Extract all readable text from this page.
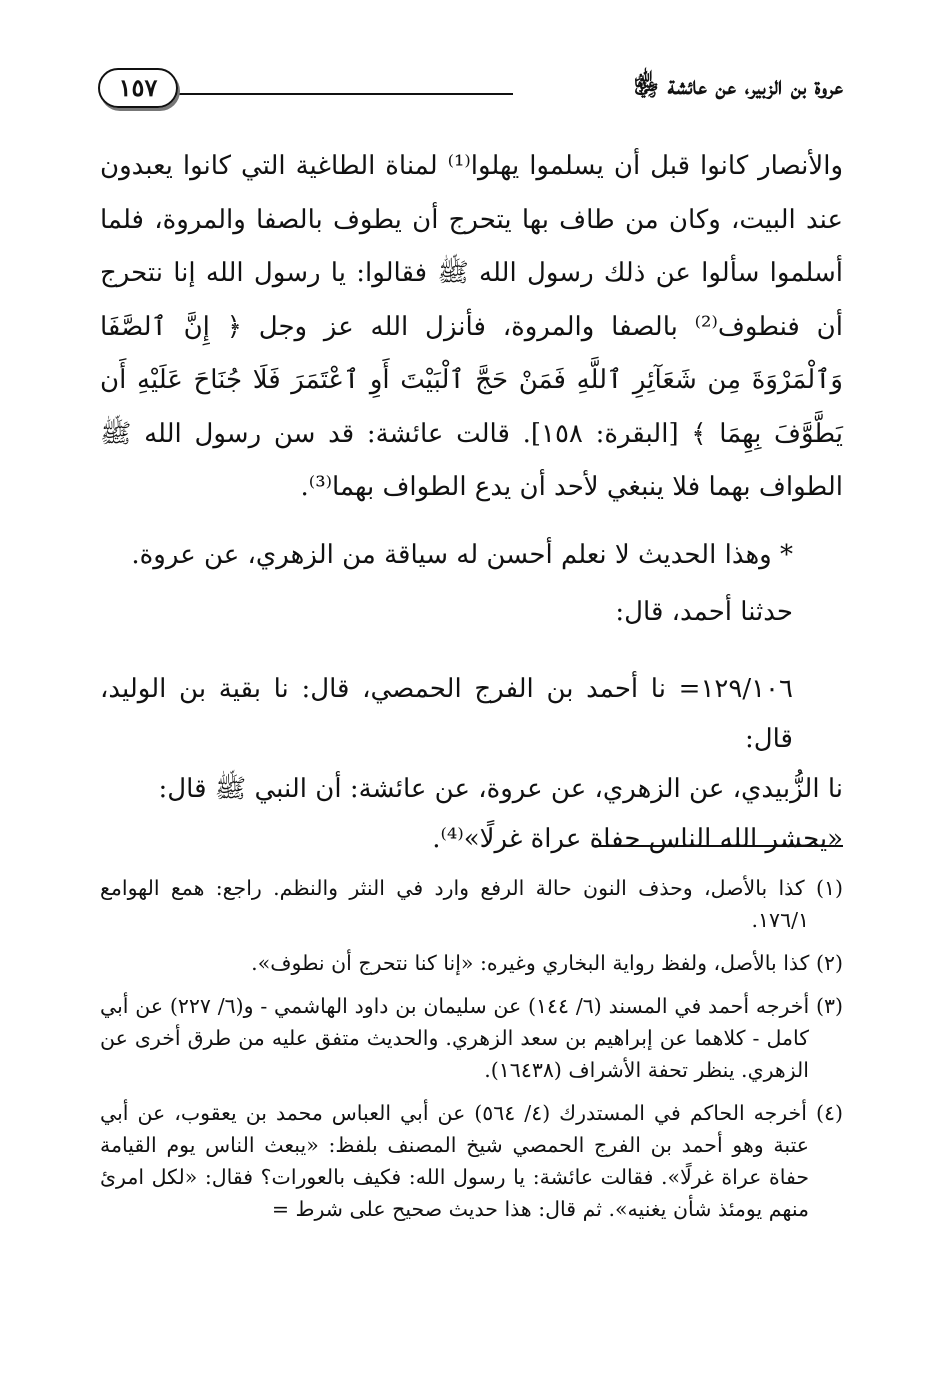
عروة بن الزبير، عن عائشة ﵂
١٥٧

والأنصار كانوا قبل أن يسلموا يهلوا⁽¹⁾ لمناة الطاغية التي كانوا يعبدون عند البيت، وكان من طاف بها يتحرج أن يطوف بالصفا والمروة، فلما أسلموا سألوا عن ذلك رسول الله ﷺ فقالوا: يا رسول الله إنا نتحرج أن فنطوف⁽²⁾ بالصفا والمروة، فأنزل الله عز وجل ﴿ إِنَّ ٱلصَّفَا وَٱلْمَرْوَةَ مِن شَعَآئِرِ ٱللَّهِ فَمَنْ حَجَّ ٱلْبَيْتَ أَوِ ٱعْتَمَرَ فَلَا جُنَاحَ عَلَيْهِ أَن يَطَّوَّفَ بِهِمَا ﴾ [البقرة: ١٥٨]. قالت عائشة: قد سن رسول الله ﷺ الطواف بهما فلا ينبغي لأحد أن يدع الطواف بهما⁽³⁾.

* وهذا الحديث لا نعلم أحسن له سياقة من الزهري، عن عروة.
حدثنا أحمد، قال:

١٢٩/١٠٦= نا أحمد بن الفرج الحمصي، قال: نا بقية بن الوليد، قال:

نا الزُّبيدي، عن الزهري، عن عروة، عن عائشة: أن النبي ﷺ قال:

«يحشر الله الناس حفاة عراة غرلًا»⁽⁴⁾.

(١) كذا بالأصل، وحذف النون حالة الرفع وارد في النثر والنظم. راجع: همع الهوامع ١٧٦/١.

(٢) كذا بالأصل، ولفظ رواية البخاري وغيره: «إنا كنا نتحرج أن نطوف».

(٣) أخرجه أحمد في المسند (٦/ ١٤٤) عن سليمان بن داود الهاشمي - و(٦/ ٢٢٧) عن أبي كامل - كلاهما عن إبراهيم بن سعد الزهري. والحديث متفق عليه من طرق أخرى عن الزهري. ينظر تحفة الأشراف (١٦٤٣٨).

(٤) أخرجه الحاكم في المستدرك (٤/ ٥٦٤) عن أبي العباس محمد بن يعقوب، عن أبي عتبة وهو أحمد بن الفرج الحمصي شيخ المصنف بلفظ: «يبعث الناس يوم القيامة حفاة عراة غرلًا». فقالت عائشة: يا رسول الله: فكيف بالعورات؟ فقال: «لكل امرئ منهم يومئذ شأن يغنيه». ثم قال: هذا حديث صحيح على شرط =
